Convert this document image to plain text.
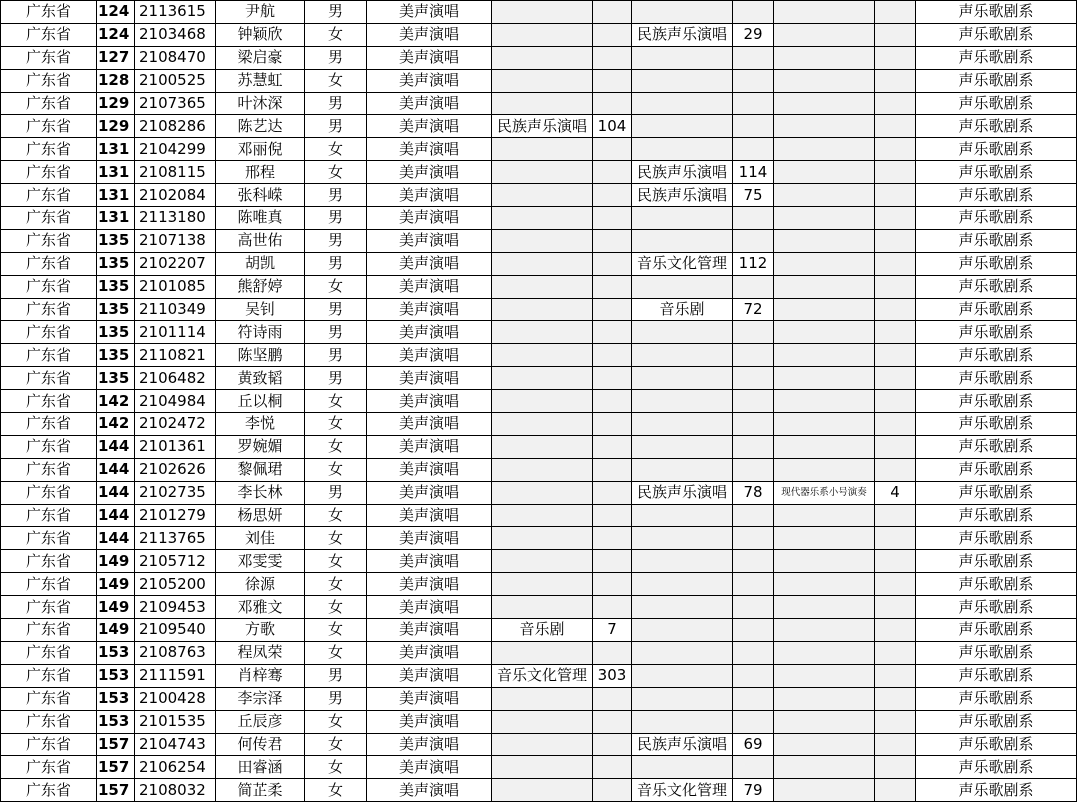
广东省	124	2113615	尹航	男	美声演唱							声乐歌剧系
广东省	124	2103468	钟颖欣	女	美声演唱			民族声乐演唱	29			声乐歌剧系
广东省	127	2108470	梁启豪	男	美声演唱							声乐歌剧系
广东省	128	2100525	苏慧虹	女	美声演唱							声乐歌剧系
广东省	129	2107365	叶沐深	男	美声演唱							声乐歌剧系
广东省	129	2108286	陈艺达	男	美声演唱	民族声乐演唱	104					声乐歌剧系
广东省	131	2104299	邓丽倪	女	美声演唱							声乐歌剧系
广东省	131	2108115	邢程	女	美声演唱			民族声乐演唱	114			声乐歌剧系
广东省	131	2102084	张科嵘	男	美声演唱			民族声乐演唱	75			声乐歌剧系
广东省	131	2113180	陈唯真	男	美声演唱							声乐歌剧系
广东省	135	2107138	高世佑	男	美声演唱							声乐歌剧系
广东省	135	2102207	胡凯	男	美声演唱			音乐文化管理	112			声乐歌剧系
广东省	135	2101085	熊舒婷	女	美声演唱							声乐歌剧系
广东省	135	2110349	吴钊	男	美声演唱			音乐剧	72			声乐歌剧系
广东省	135	2101114	符诗雨	男	美声演唱							声乐歌剧系
广东省	135	2110821	陈坚鹏	男	美声演唱							声乐歌剧系
广东省	135	2106482	黄致韬	男	美声演唱							声乐歌剧系
广东省	142	2104984	丘以桐	女	美声演唱							声乐歌剧系
广东省	142	2102472	李悦	女	美声演唱							声乐歌剧系
广东省	144	2101361	罗婉媚	女	美声演唱							声乐歌剧系
广东省	144	2102626	黎佩珺	女	美声演唱							声乐歌剧系
广东省	144	2102735	李长林	男	美声演唱			民族声乐演唱	78	现代器乐系小号演奏	4	声乐歌剧系
广东省	144	2101279	杨思妍	女	美声演唱							声乐歌剧系
广东省	144	2113765	刘佳	女	美声演唱							声乐歌剧系
广东省	149	2105712	邓雯雯	女	美声演唱							声乐歌剧系
广东省	149	2105200	徐源	女	美声演唱							声乐歌剧系
广东省	149	2109453	邓雅文	女	美声演唱							声乐歌剧系
广东省	149	2109540	方歌	女	美声演唱	音乐剧	7					声乐歌剧系
广东省	153	2108763	程凤荣	女	美声演唱							声乐歌剧系
广东省	153	2111591	肖梓骞	男	美声演唱	音乐文化管理	303					声乐歌剧系
广东省	153	2100428	李宗泽	男	美声演唱							声乐歌剧系
广东省	153	2101535	丘辰彦	女	美声演唱							声乐歌剧系
广东省	157	2104743	何传君	女	美声演唱			民族声乐演唱	69			声乐歌剧系
广东省	157	2106254	田睿涵	女	美声演唱							声乐歌剧系
广东省	157	2108032	简芷柔	女	美声演唱			音乐文化管理	79			声乐歌剧系
